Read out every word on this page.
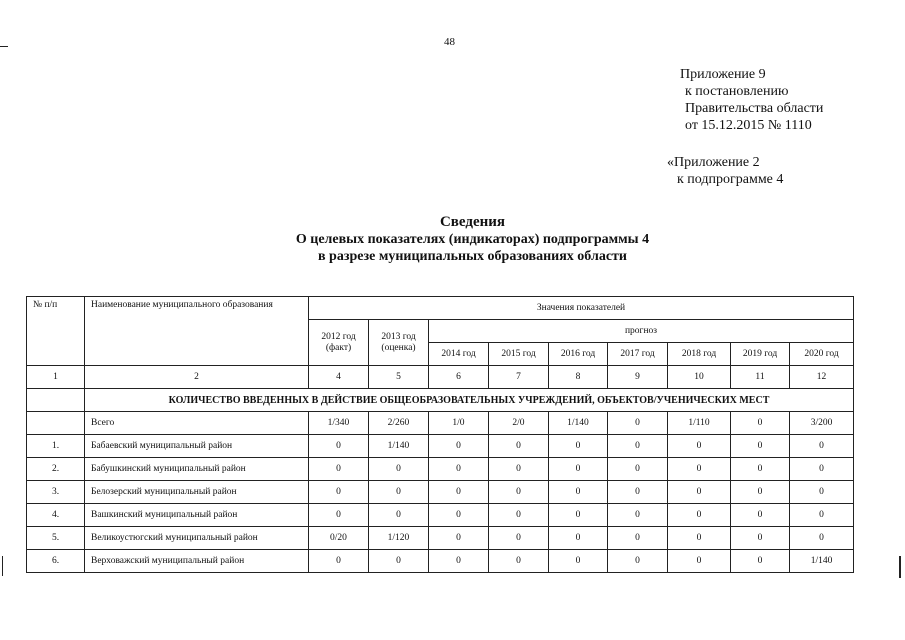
48
Приложение 9
к постановлению
Правительства области
от 15.12.2015 № 1110
«Приложение 2
к подпрограмме 4
Сведения
О целевых показателях (индикаторах) подпрограммы 4
в разрезе муниципальных образованиях области
№ п/п	Наименование муниципального образования	Значения показателей								
		2012 год (факт)	2013 год (оценка)	прогноз						
				2014 год	2015 год	2016 год	2017 год	2018 год	2019 год	2020 год
1	2	4	5	6	7	8	9	10	11	12
	КОЛИЧЕСТВО ВВЕДЕННЫХ В ДЕЙСТВИЕ ОБЩЕОБРАЗОВАТЕЛЬНЫХ УЧРЕЖДЕНИЙ, ОБЪЕКТОВ/УЧЕНИЧЕСКИХ МЕСТ									
	Всего	1/340	2/260	1/0	2/0	1/140	0	1/110	0	3/200
1.	Бабаевский муниципальный район	0	1/140	0	0	0	0	0	0	0
2.	Бабушкинский муниципальный район	0	0	0	0	0	0	0	0	0
3.	Белозерский муниципальный район	0	0	0	0	0	0	0	0	0
4.	Вашкинский муниципальный район	0	0	0	0	0	0	0	0	0
5.	Великоустюгский муниципальный район	0/20	1/120	0	0	0	0	0	0	0
6.	Верховажский муниципальный район	0	0	0	0	0	0	0	0	1/140
